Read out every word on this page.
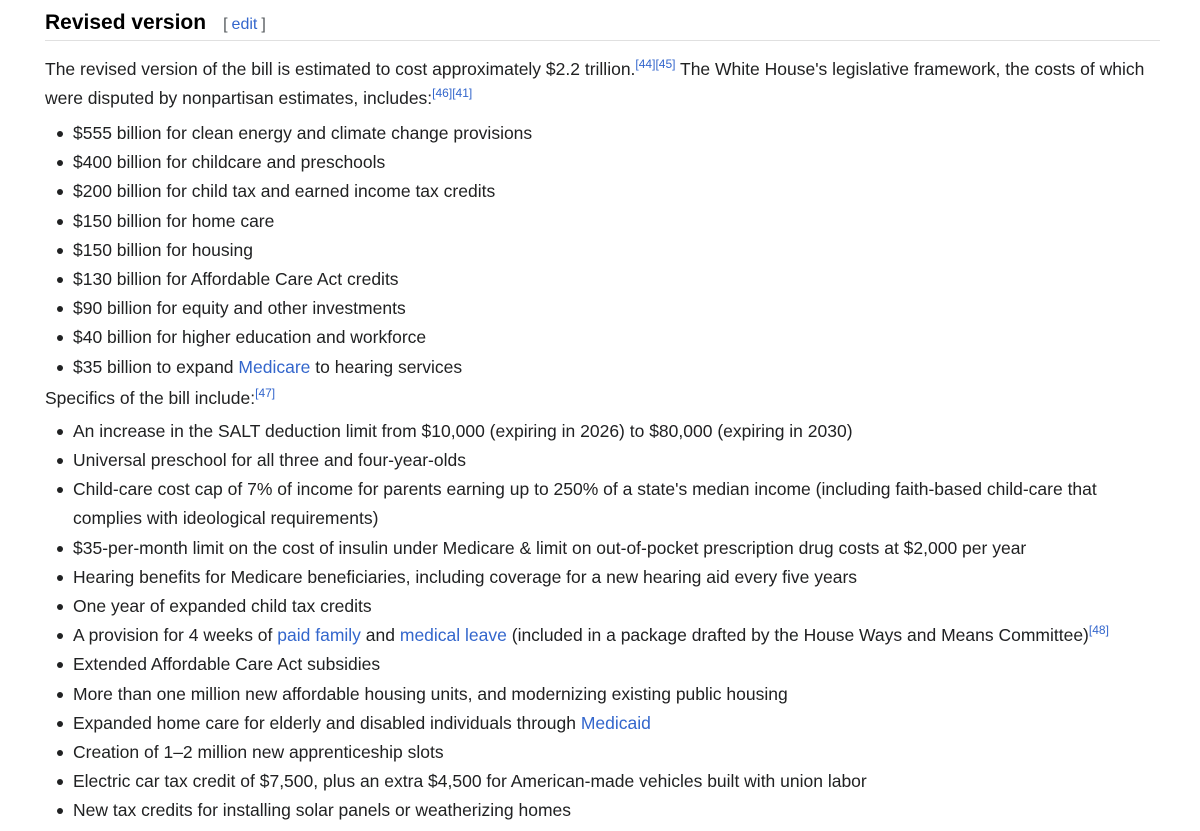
Revised version [ edit ]

The revised version of the bill is estimated to cost approximately $2.2 trillion.[44][45] The White House's legislative framework, the costs of which were disputed by nonpartisan estimates, includes:[46][41]

$555 billion for clean energy and climate change provisions
$400 billion for childcare and preschools
$200 billion for child tax and earned income tax credits
$150 billion for home care
$150 billion for housing
$130 billion for Affordable Care Act credits
$90 billion for equity and other investments
$40 billion for higher education and workforce
$35 billion to expand Medicare to hearing services

Specifics of the bill include:[47]

An increase in the SALT deduction limit from $10,000 (expiring in 2026) to $80,000 (expiring in 2030)
Universal preschool for all three and four-year-olds
Child-care cost cap of 7% of income for parents earning up to 250% of a state's median income (including faith-based child-care that complies with ideological requirements)
$35-per-month limit on the cost of insulin under Medicare & limit on out-of-pocket prescription drug costs at $2,000 per year
Hearing benefits for Medicare beneficiaries, including coverage for a new hearing aid every five years
One year of expanded child tax credits
A provision for 4 weeks of paid family and medical leave (included in a package drafted by the House Ways and Means Committee)[48]
Extended Affordable Care Act subsidies
More than one million new affordable housing units, and modernizing existing public housing
Expanded home care for elderly and disabled individuals through Medicaid
Creation of 1–2 million new apprenticeship slots
Electric car tax credit of $7,500, plus an extra $4,500 for American-made vehicles built with union labor
New tax credits for installing solar panels or weatherizing homes
